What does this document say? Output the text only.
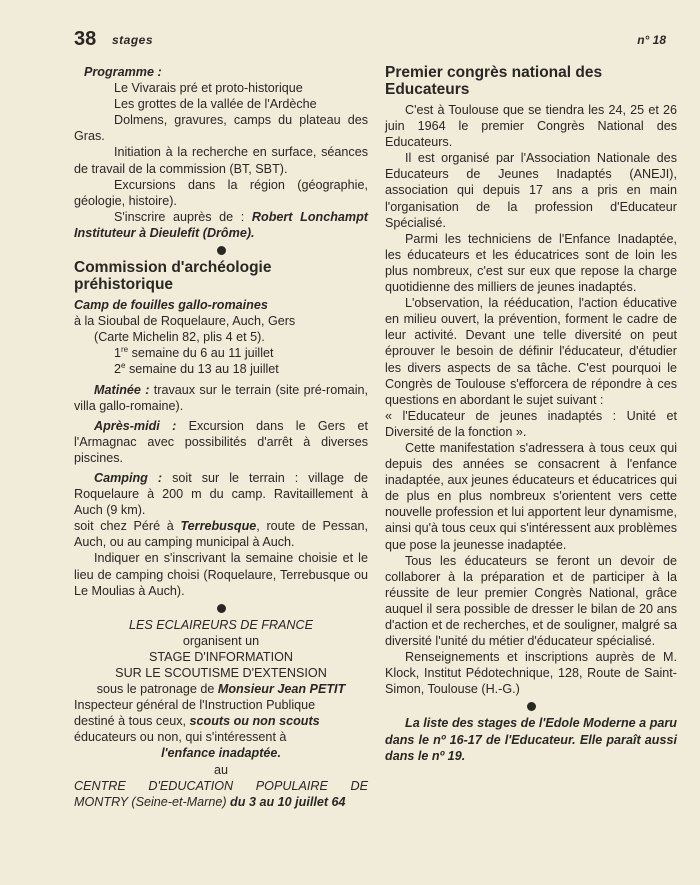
38 stages	n° 18

Programme :

Le Vivarais pré et proto-historique

Les grottes de la vallée de l'Ardèche

Dolmens, gravures, camps du plateau des Gras.

Initiation à la recherche en surface, séances de travail de la commission (BT, SBT).

Excursions dans la région (géographie, géologie, histoire).

S'inscrire auprès de : Robert Lonchampt Instituteur à Dieulefit (Drôme).

Commission d'archéologie préhistorique

Camp de fouilles gallo-romaines

à la Sioubal de Roquelaure, Auch, Gers

(Carte Michelin 82, plis 4 et 5).

1re semaine du 6 au 11 juillet

2e semaine du 13 au 18 juillet

Matinée : travaux sur le terrain (site pré-romain, villa gallo-romaine).

Après-midi : Excursion dans le Gers et l'Armagnac avec possibilités d'arrêt à diverses piscines.

Camping : soit sur le terrain : village de Roquelaure à 200 m du camp. Ravitaillement à Auch (9 km).

soit chez Péré à Terrebusque, route de Pessan, Auch, ou au camping municipal à Auch.

Indiquer en s'inscrivant la semaine choisie et le lieu de camping choisi (Roquelaure, Terrebusque ou Le Moulias à Auch).

LES ECLAIREURS DE FRANCE

organisent un

STAGE D'INFORMATION

SUR LE SCOUTISME D'EXTENSION

sous le patronage de Monsieur Jean PETIT

Inspecteur général de l'Instruction Publique

destiné à tous ceux, scouts ou non scouts

éducateurs ou non, qui s'intéressent à

l'enfance inadaptée.

au

CENTRE D'EDUCATION POPULAIRE DE MONTRY (Seine-et-Marne) du 3 au 10 juillet 64

Premier congrès national des Educateurs

C'est à Toulouse que se tiendra les 24, 25 et 26 juin 1964 le premier Congrès National des Educateurs.

Il est organisé par l'Association Nationale des Educateurs de Jeunes Inadaptés (ANEJI), association qui depuis 17 ans a pris en main l'organisation de la profession d'Educateur Spécialisé.

Parmi les techniciens de l'Enfance Inadaptée, les éducateurs et les éducatrices sont de loin les plus nombreux, c'est sur eux que repose la charge quotidienne des milliers de jeunes inadaptés.

L'observation, la rééducation, l'action éducative en milieu ouvert, la prévention, forment le cadre de leur activité. Devant une telle diversité on peut éprouver le besoin de définir l'éducateur, d'étudier les divers aspects de sa tâche. C'est pourquoi le Congrès de Toulouse s'efforcera de répondre à ces questions en abordant le sujet suivant :

« l'Educateur de jeunes inadaptés : Unité et Diversité de la fonction ».

Cette manifestation s'adressera à tous ceux qui depuis des années se consacrent à l'enfance inadaptée, aux jeunes éducateurs et éducatrices qui de plus en plus nombreux s'orientent vers cette nouvelle profession et lui apportent leur dynamisme, ainsi qu'à tous ceux qui s'intéressent aux problèmes que pose la jeunesse inadaptée.

Tous les éducateurs se feront un devoir de collaborer à la préparation et de participer à la réussite de leur premier Congrès National, grâce auquel il sera possible de dresser le bilan de 20 ans d'action et de recherches, et de souligner, malgré sa diversité l'unité du métier d'éducateur spécialisé.

Renseignements et inscriptions auprès de M. Klock, Institut Pédotechnique, 128, Route de Saint-Simon, Toulouse (H.-G.)

La liste des stages de l'Edole Moderne a paru dans le nº 16-17 de l'Educateur. Elle paraît aussi dans le nº 19.
